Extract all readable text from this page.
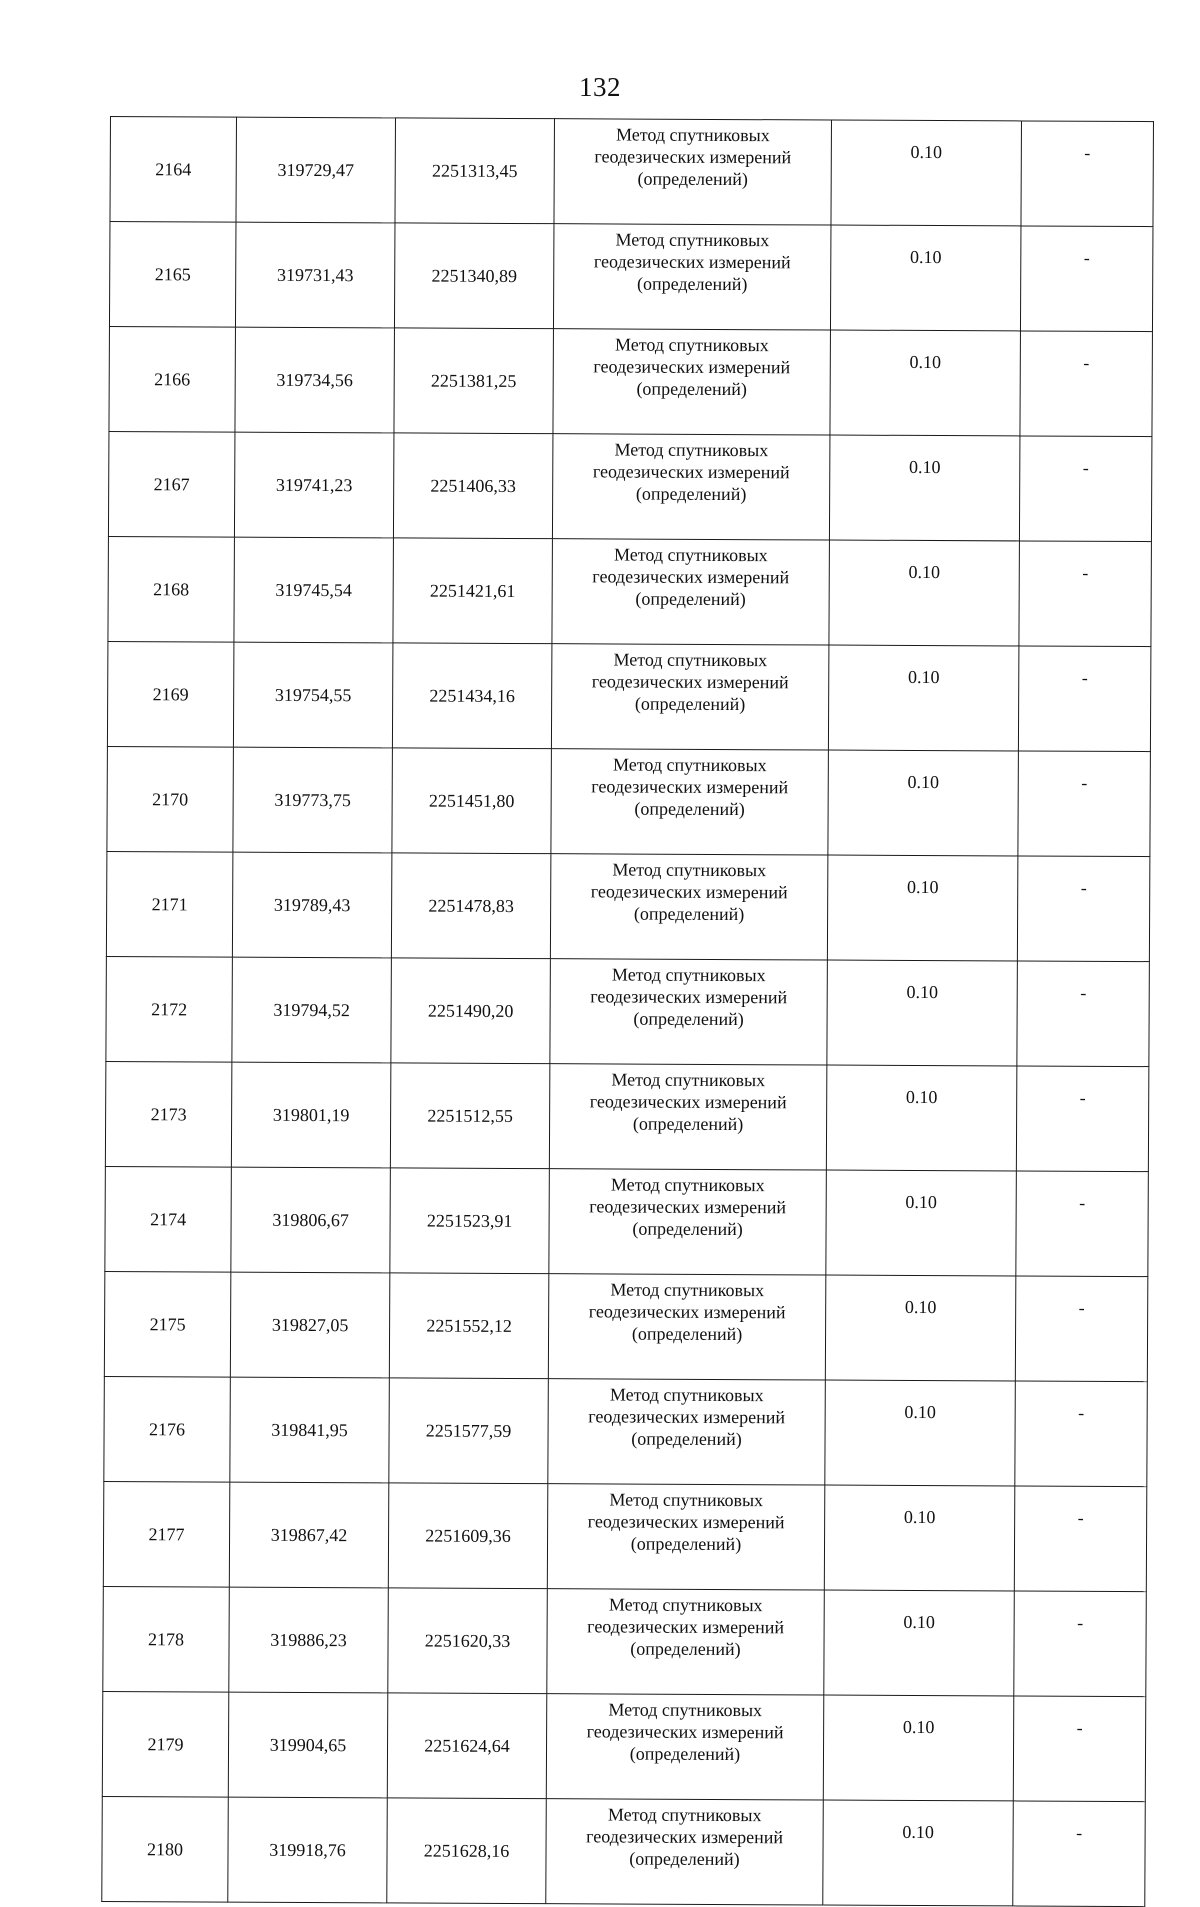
132
2164	319729,47	2251313,45	Метод спутниковых
геодезических измерений
(определений)	0.10	-
2165	319731,43	2251340,89	Метод спутниковых
геодезических измерений
(определений)	0.10	-
2166	319734,56	2251381,25	Метод спутниковых
геодезических измерений
(определений)	0.10	-
2167	319741,23	2251406,33	Метод спутниковых
геодезических измерений
(определений)	0.10	-
2168	319745,54	2251421,61	Метод спутниковых
геодезических измерений
(определений)	0.10	-
2169	319754,55	2251434,16	Метод спутниковых
геодезических измерений
(определений)	0.10	-
2170	319773,75	2251451,80	Метод спутниковых
геодезических измерений
(определений)	0.10	-
2171	319789,43	2251478,83	Метод спутниковых
геодезических измерений
(определений)	0.10	-
2172	319794,52	2251490,20	Метод спутниковых
геодезических измерений
(определений)	0.10	-
2173	319801,19	2251512,55	Метод спутниковых
геодезических измерений
(определений)	0.10	-
2174	319806,67	2251523,91	Метод спутниковых
геодезических измерений
(определений)	0.10	-
2175	319827,05	2251552,12	Метод спутниковых
геодезических измерений
(определений)	0.10	-
2176	319841,95	2251577,59	Метод спутниковых
геодезических измерений
(определений)	0.10	-
2177	319867,42	2251609,36	Метод спутниковых
геодезических измерений
(определений)	0.10	-
2178	319886,23	2251620,33	Метод спутниковых
геодезических измерений
(определений)	0.10	-
2179	319904,65	2251624,64	Метод спутниковых
геодезических измерений
(определений)	0.10	-
2180	319918,76	2251628,16	Метод спутниковых
геодезических измерений
(определений)	0.10	-
